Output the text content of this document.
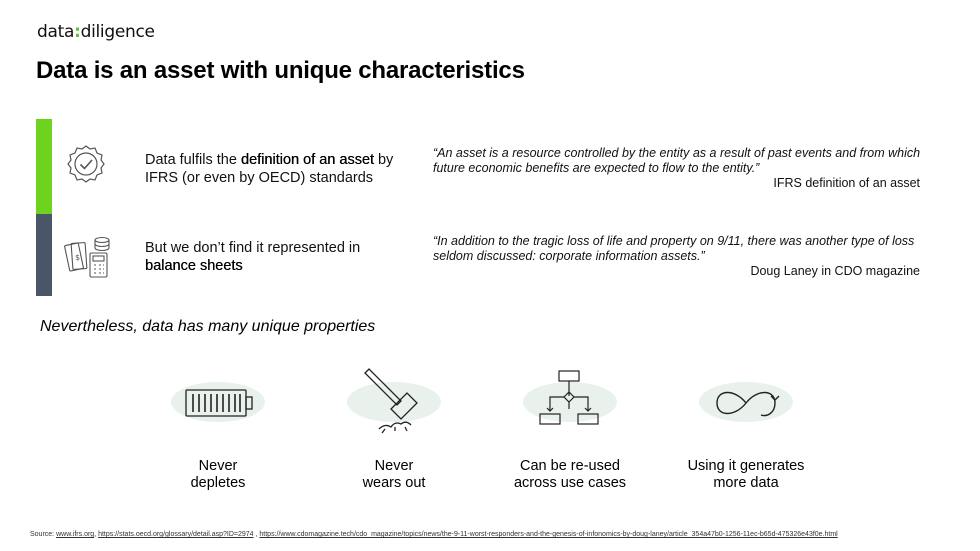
data:diligence
Data is an asset with unique characteristics
Data fulfils the definition of an asset by
IFRS (or even by OECD) standards
“An asset is a resource controlled by the entity as a result of past events and from which future economic benefits are expected to flow to the entity.”
IFRS definition of an asset
$
But we don’t find it represented in
balance sheets
“In addition to the tragic loss of life and property on 9/11, there was another type of loss seldom discussed: corporate information assets.”
Doug Laney in CDO magazine
Nevertheless, data has many unique properties
Never
depletes
Never
wears out
Can be re-used
across use cases
Using it generates
more data
Source: www.ifrs.org, https://stats.oecd.org/glossary/detail.asp?ID=2974 , https://www.cdomagazine.tech/cdo_magazine/topics/news/the-9-11-worst-responders-and-the-genesis-of-infonomics-by-doug-laney/article_354a47b0-1256-11ec-b65d-475326e43f0e.html
